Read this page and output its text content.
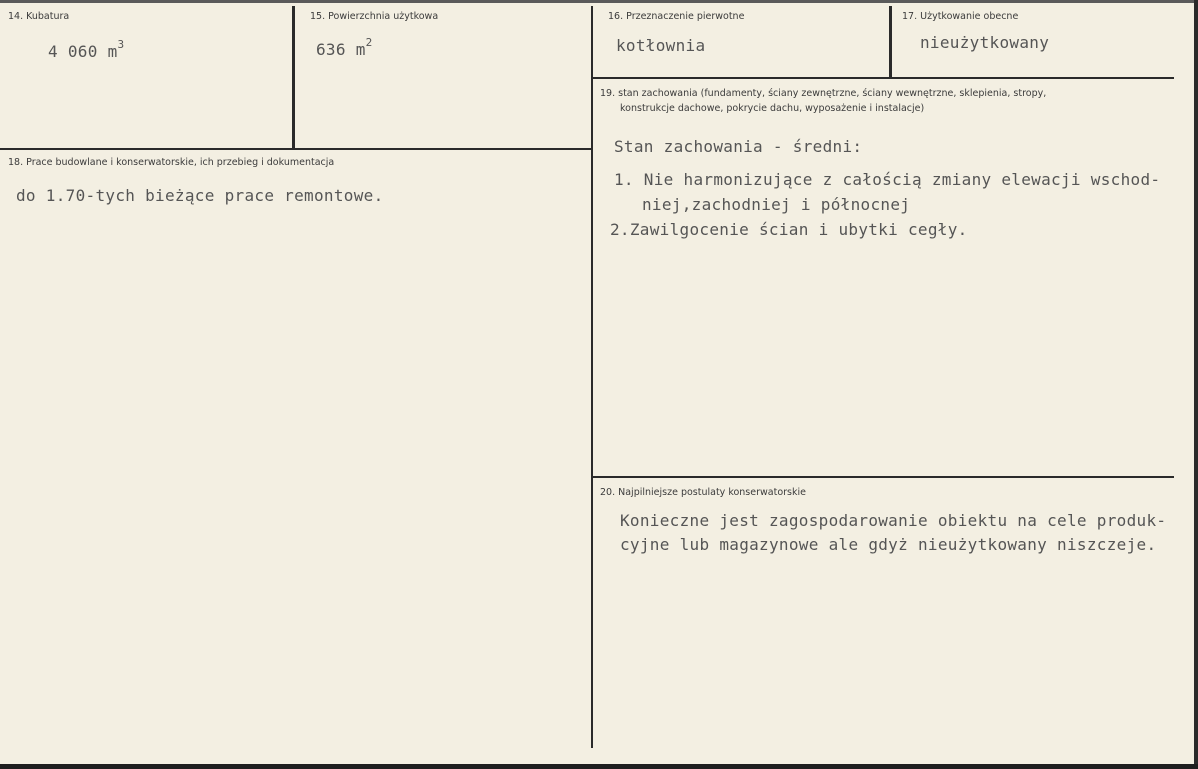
14. Kubatura
4 060 $m^3$
15. Powierzchnia użytkowa
636 $m^2$
16. Przeznaczenie pierwotne
kotłownia
17. Użytkowanie obecne
nieużytkowany
18. Prace budowlane i konserwatorskie, ich przebieg i dokumentacja
do 1.70-tych bieżące prace remontowe.
19. stan zachowania (fundamenty, ściany zewnętrzne, ściany wewnętrzne, sklepienia, stropy,
konstrukcje dachowe, pokrycie dachu, wyposażenie i instalacje)
Stan zachowania - średni:
1. Nie harmonizujące z całością zmiany elewacji wschod-
niej,zachodniej i północnej
2.Zawilgocenie ścian i ubytki cegły.
20. Najpilniejsze postulaty konserwatorskie
Konieczne jest zagospodarowanie obiektu na cele produk-
cyjne lub magazynowe ale gdyż nieużytkowany niszczeje.
